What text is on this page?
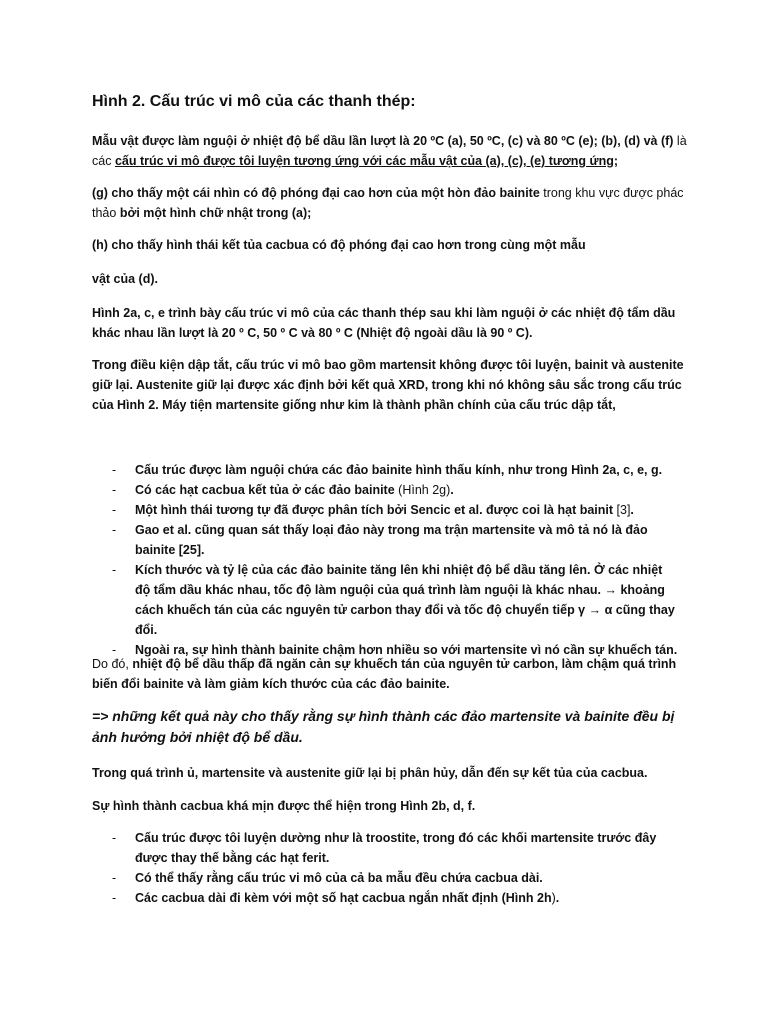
Hình 2. Cấu trúc vi mô của các thanh thép:
Mẫu vật được làm nguội ở nhiệt độ bể dầu lần lượt là 20 ºC (a), 50 ºC, (c) và 80 ºC (e); (b), (d) và (f) là các cấu trúc vi mô được tôi luyện tương ứng với các mẫu vật của (a), (c), (e) tương ứng;
(g) cho thấy một cái nhìn có độ phóng đại cao hơn của một hòn đảo bainite trong khu vực được phác thảo bởi một hình chữ nhật trong (a);
(h) cho thấy hình thái kết tủa cacbua có độ phóng đại cao hơn trong cùng một mẫu
vật của (d).
Hình 2a, c, e trình bày cấu trúc vi mô của các thanh thép sau khi làm nguội ở các nhiệt độ tẩm dầu khác nhau lần lượt là 20 º C, 50 º C và 80 º C (Nhiệt độ ngoài dầu là 90 º C).
Trong điều kiện dập tắt, cấu trúc vi mô bao gồm martensit không được tôi luyện, bainit và austenite giữ lại. Austenite giữ lại được xác định bởi kết quả XRD, trong khi nó không sâu sắc trong cấu trúc của Hình 2. Máy tiện martensite giống như kim là thành phần chính của cấu trúc dập tắt,
- Cấu trúc được làm nguội chứa các đảo bainite hình thấu kính, như trong Hình 2a, c, e, g.
- Có các hạt cacbua kết tủa ở các đảo bainite (Hình 2g).
- Một hình thái tương tự đã được phân tích bởi Sencic et al. được coi là hạt bainit [3].
- Gao et al. cũng quan sát thấy loại đảo này trong ma trận martensite và mô tả nó là đảo bainite [25].
- Kích thước và tỷ lệ của các đảo bainite tăng lên khi nhiệt độ bể dầu tăng lên. Ở các nhiệt độ tẩm dầu khác nhau, tốc độ làm nguội của quá trình làm nguội là khác nhau. → khoảng cách khuếch tán của các nguyên tử carbon thay đổi và tốc độ chuyển tiếp γ → α cũng thay đổi.
- Ngoài ra, sự hình thành bainite chậm hơn nhiều so với martensite vì nó cần sự khuếch tán.
Do đó, nhiệt độ bể dầu thấp đã ngăn cản sự khuếch tán của nguyên tử carbon, làm chậm quá trình biến đổi bainite và làm giảm kích thước của các đảo bainite.
=> những kết quả này cho thấy rằng sự hình thành các đảo martensite và bainite đều bị ảnh hưởng bởi nhiệt độ bể dầu.
Trong quá trình ủ, martensite và austenite giữ lại bị phân hủy, dẫn đến sự kết tủa của cacbua.
Sự hình thành cacbua khá mịn được thể hiện trong Hình 2b, d, f.
- Cấu trúc được tôi luyện dường như là troostite, trong đó các khối martensite trước đây được thay thế bằng các hạt ferit.
- Có thể thấy rằng cấu trúc vi mô của cả ba mẫu đều chứa cacbua dài.
- Các cacbua dài đi kèm với một số hạt cacbua ngắn nhất định (Hình 2h).
